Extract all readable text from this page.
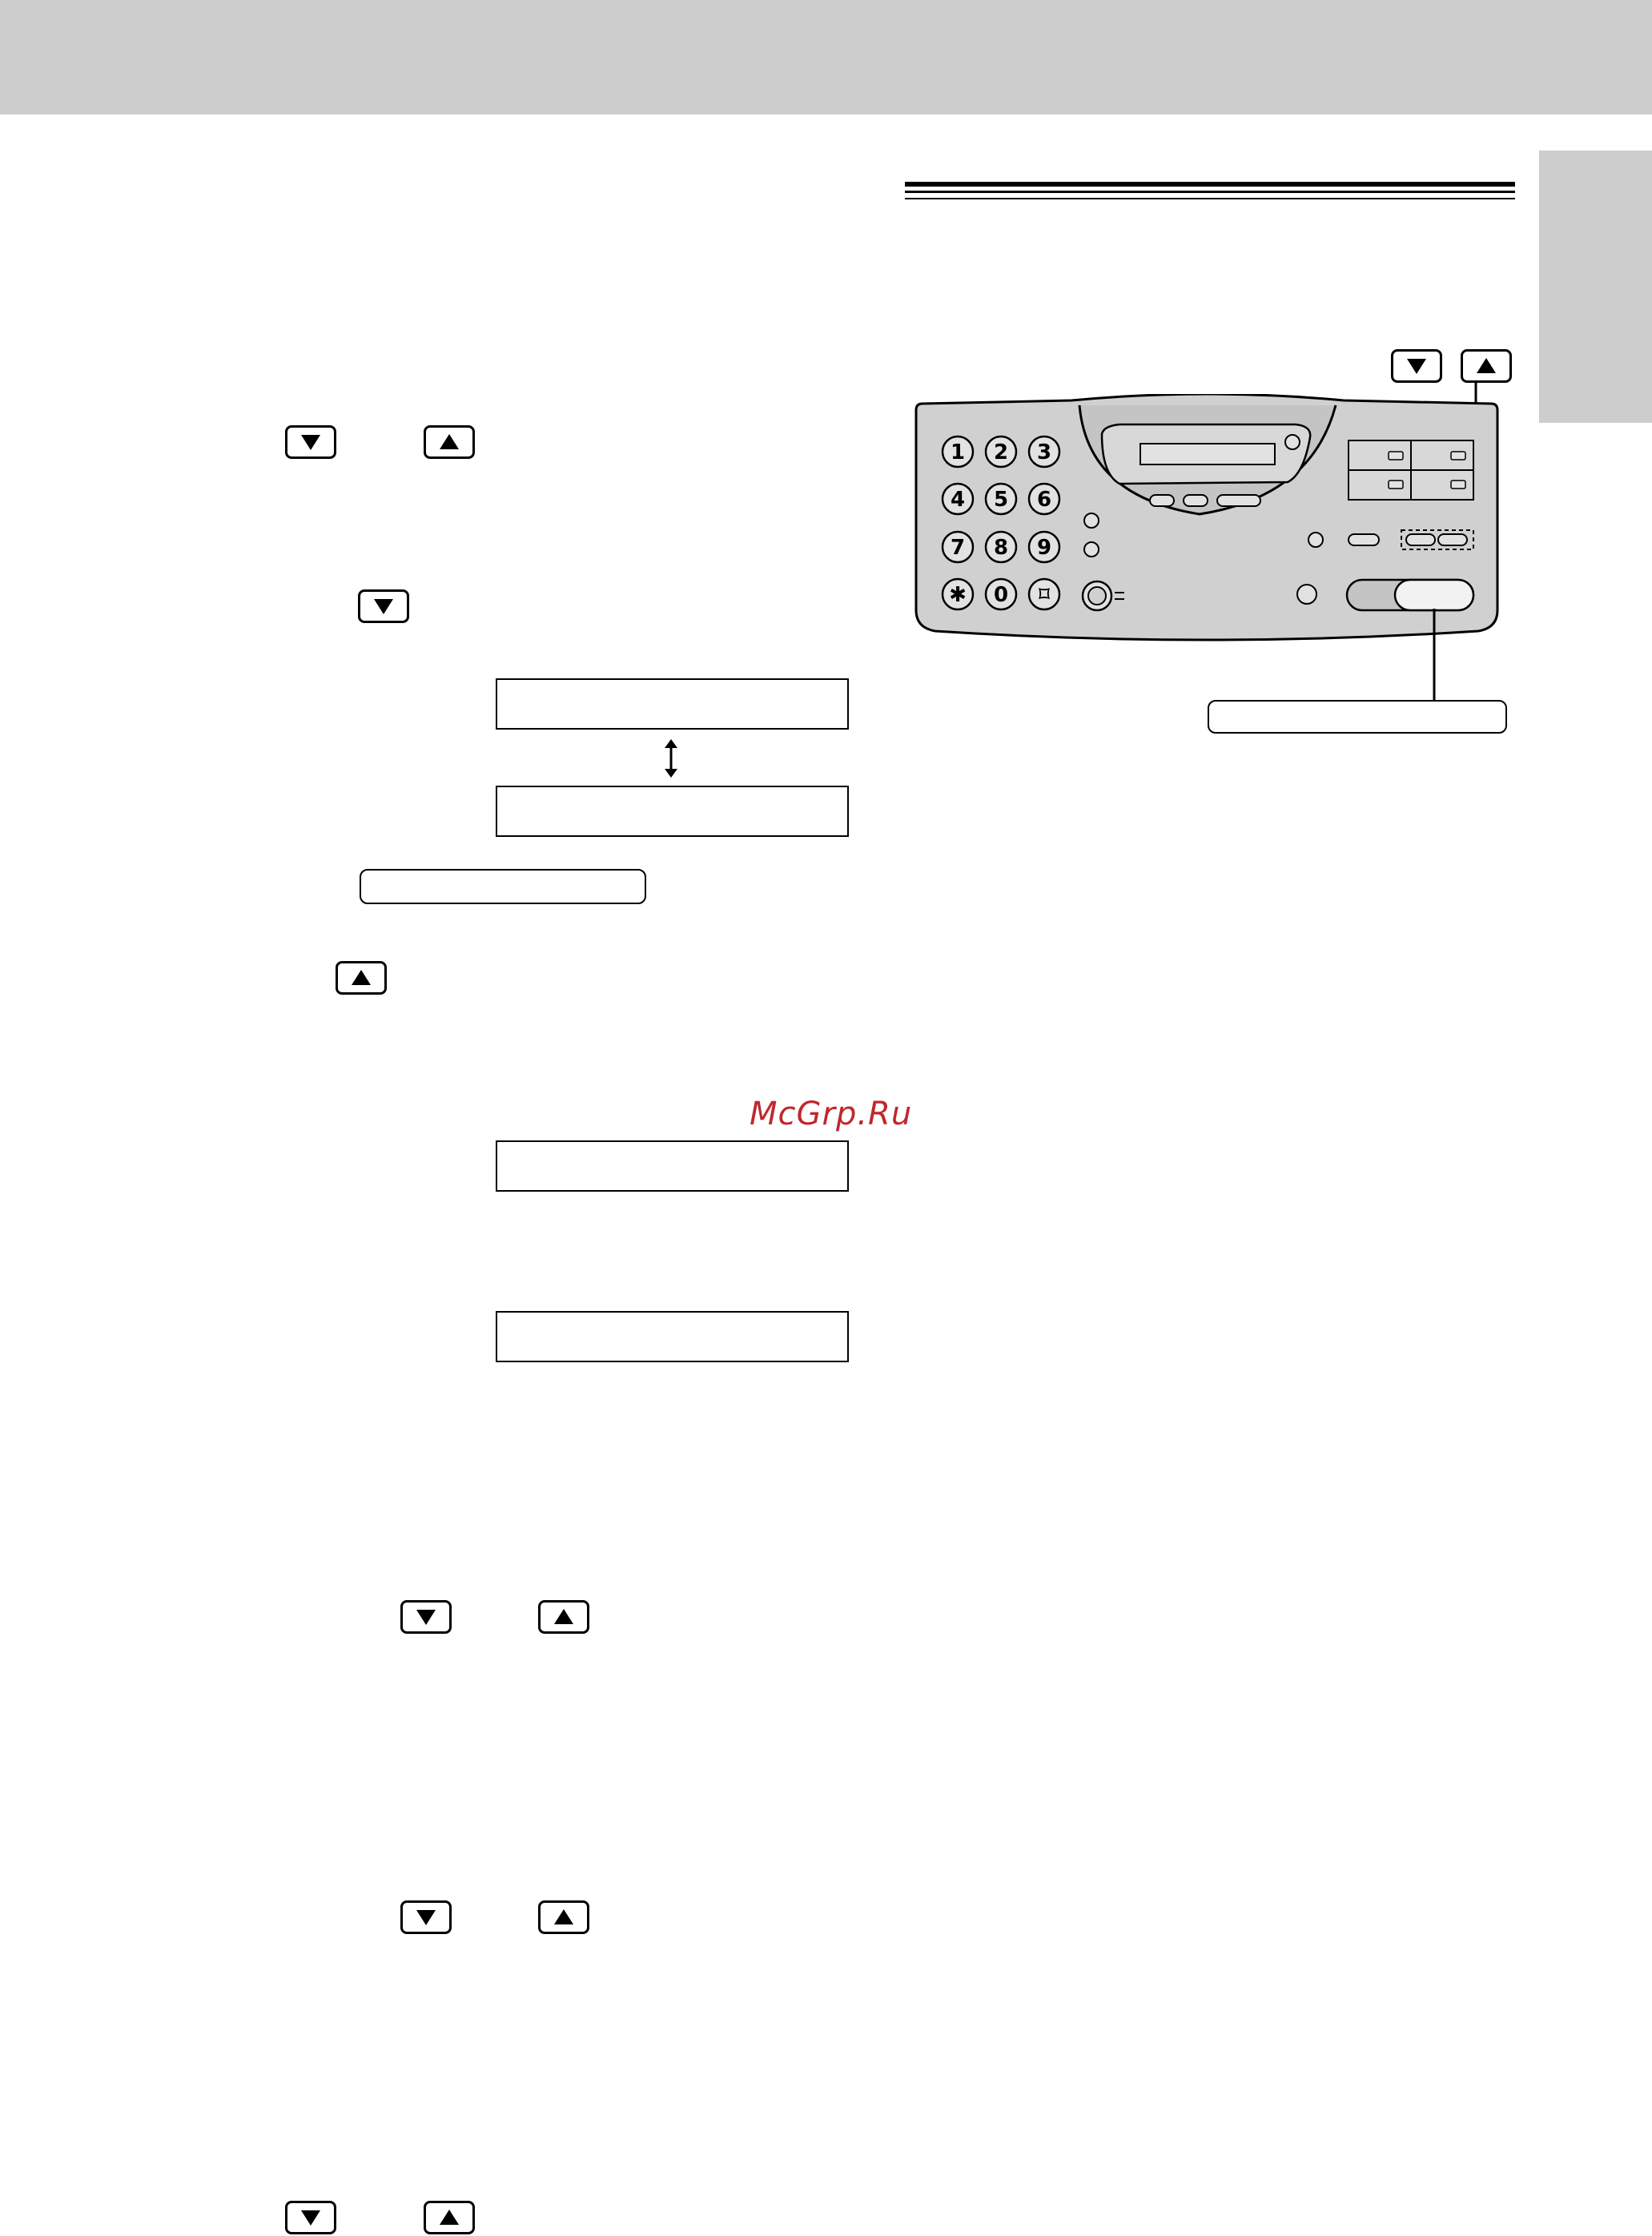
McGrp.Ru
1 2 3
4 5 6
7 8 9
✱ 0 ⌑
